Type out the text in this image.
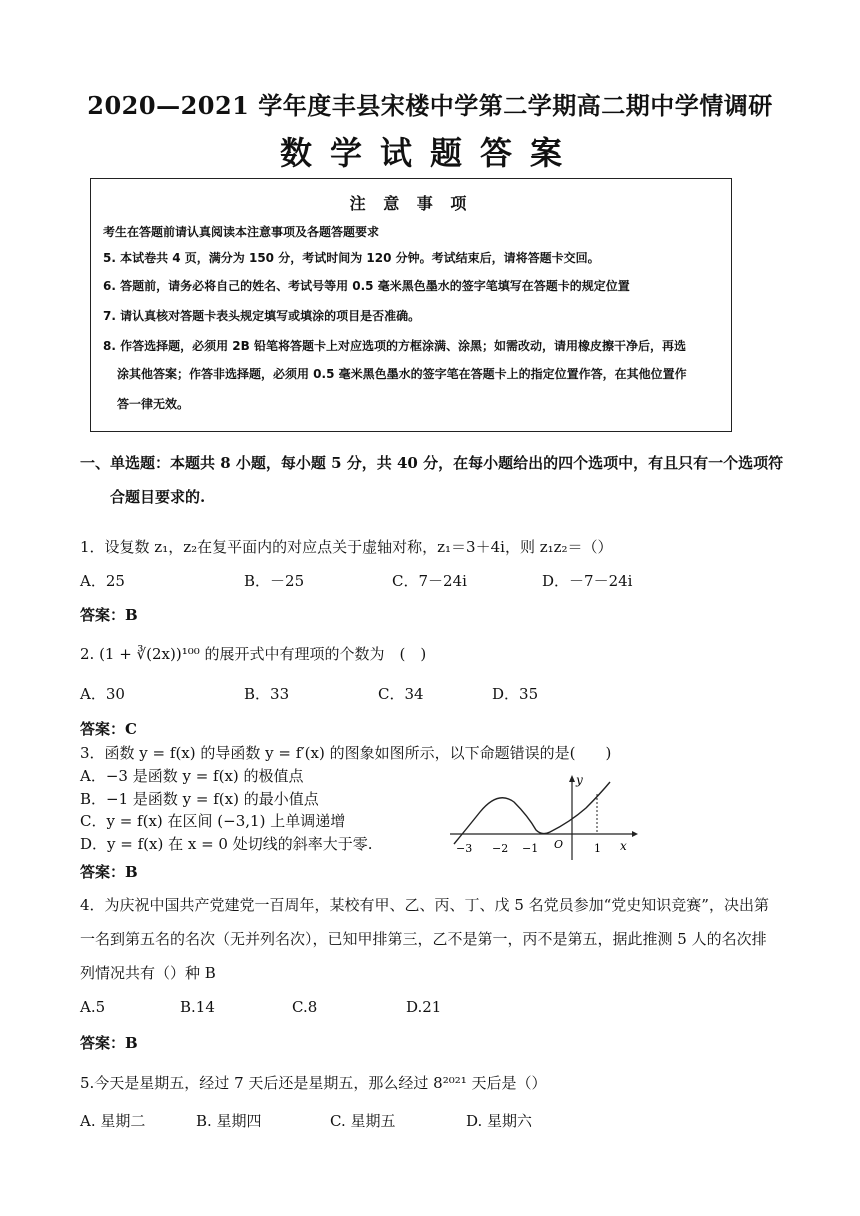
2020—2021 学年度丰县宋楼中学第二学期高二期中学情调研
数学试题答案
注 意 事 项
考生在答题前请认真阅读本注意事项及各题答题要求
5. 本试卷共 4 页，满分为 150 分，考试时间为 120 分钟。考试结束后，请将答题卡交回。
6. 答题前，请务必将自己的姓名、考试号等用 0.5 毫米黑色墨水的签字笔填写在答题卡的规定位置
7. 请认真核对答题卡表头规定填写或填涂的项目是否准确。
8. 作答选择题，必须用 2B 铅笔将答题卡上对应选项的方框涂满、涂黑；如需改动，请用橡皮擦干净后，再选
涂其他答案；作答非选择题，必须用 0.5 毫米黑色墨水的签字笔在答题卡上的指定位置作答，在其他位置作
答一律无效。
一、单选题：本题共 8 小题，每小题 5 分，共 40 分，在每小题给出的四个选项中，有且只有一个选项符
合题目要求的.
1．设复数 z₁，z₂在复平面内的对应点关于虚轴对称，z₁＝3＋4i，则 z₁z₂＝（）
A．25	B．－25	C．7－24i	D．－7－24i
答案：B
2. (1 + ∛(2x))¹⁰⁰ 的展开式中有理项的个数为　(　)
A．30	B．33	C．34	D．35
答案：C
3．函数 y = f(x) 的导函数 y = f′(x) 的图象如图所示，以下命题错误的是(　　)
A．−3 是函数 y = f(x) 的极值点
B．−1 是函数 y = f(x) 的最小值点
C．y = f(x) 在区间 (−3,1) 上单调递增
D．y = f(x) 在 x = 0 处切线的斜率大于零.
答案：B
−3 −2 −1 O	1 x
y
4．为庆祝中国共产党建党一百周年，某校有甲、乙、丙、丁、戊 5 名党员参加“党史知识竞赛”，决出第
一名到第五名的名次（无并列名次），已知甲排第三，乙不是第一，丙不是第五，据此推测 5 人的名次排
列情况共有（）种 B
A.5	B.14	C.8	D.21
答案：B
5.今天是星期五，经过 7 天后还是星期五，那么经过 8²⁰²¹ 天后是（）
A. 星期二	B. 星期四	C. 星期五	D. 星期六
